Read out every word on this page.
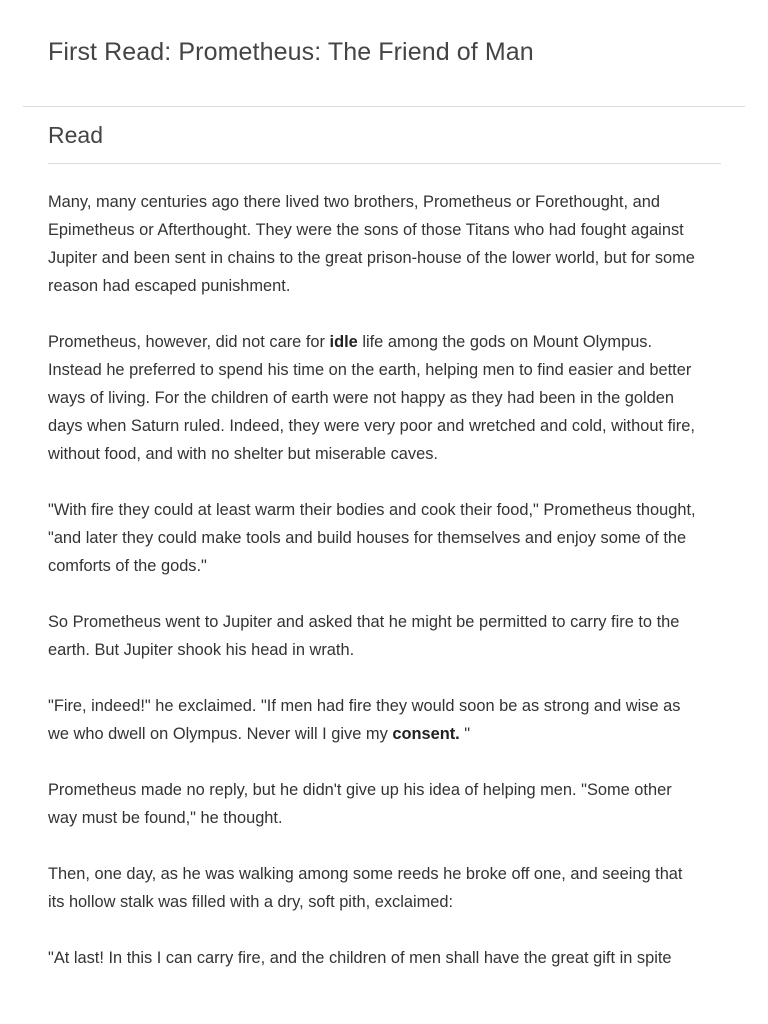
First Read: Prometheus: The Friend of Man
Read

Many, many centuries ago there lived two brothers, Prometheus or Forethought, and Epimetheus or Afterthought. They were the sons of those Titans who had fought against Jupiter and been sent in chains to the great prison-house of the lower world, but for some reason had escaped punishment.

Prometheus, however, did not care for idle life among the gods on Mount Olympus. Instead he preferred to spend his time on the earth, helping men to find easier and better ways of living. For the children of earth were not happy as they had been in the golden days when Saturn ruled. Indeed, they were very poor and wretched and cold, without fire, without food, and with no shelter but miserable caves.

"With fire they could at least warm their bodies and cook their food," Prometheus thought, "and later they could make tools and build houses for themselves and enjoy some of the comforts of the gods."

So Prometheus went to Jupiter and asked that he might be permitted to carry fire to the earth. But Jupiter shook his head in wrath.

"Fire, indeed!" he exclaimed. "If men had fire they would soon be as strong and wise as we who dwell on Olympus. Never will I give my consent. "

Prometheus made no reply, but he didn't give up his idea of helping men. "Some other way must be found," he thought.

Then, one day, as he was walking among some reeds he broke off one, and seeing that its hollow stalk was filled with a dry, soft pith, exclaimed:

"At last! In this I can carry fire, and the children of men shall have the great gift in spite
